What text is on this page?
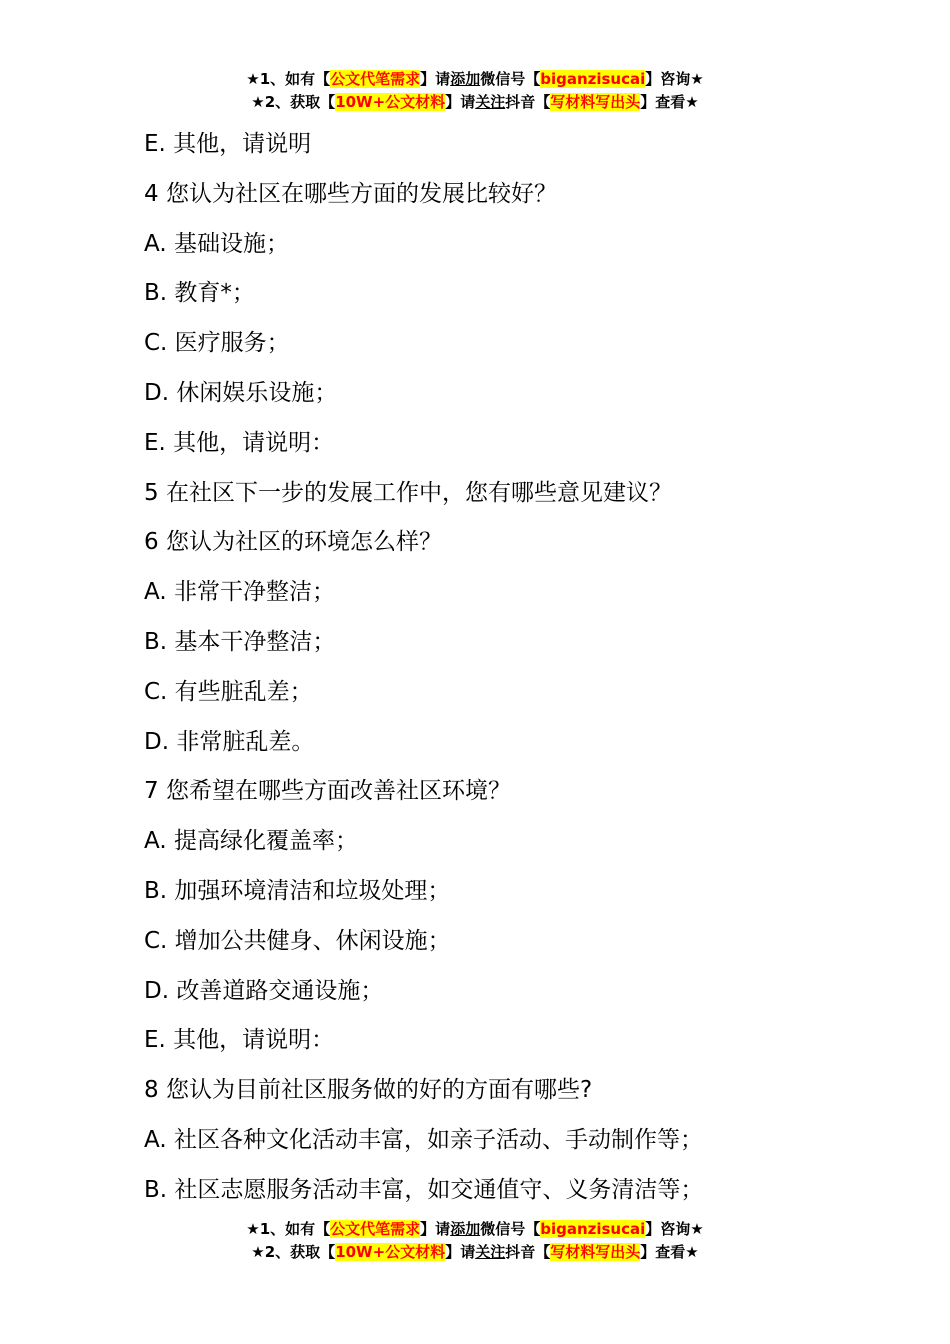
★1、如有【公文代笔需求】请添加微信号【biganzisucai】咨询★
★2、获取【10W+公文材料】请关注抖音【写材料写出头】查看★

E. 其他，请说明

4 您认为社区在哪些方面的发展比较好？

A. 基础设施；

B. 教育*；

C. 医疗服务；

D. 休闲娱乐设施；

E. 其他，请说明：

5 在社区下一步的发展工作中，您有哪些意见建议？

6 您认为社区的环境怎么样？

A. 非常干净整洁；

B. 基本干净整洁；

C. 有些脏乱差；

D. 非常脏乱差。

7 您希望在哪些方面改善社区环境？

A. 提高绿化覆盖率；

B. 加强环境清洁和垃圾处理；

C. 增加公共健身、休闲设施；

D. 改善道路交通设施；

E. 其他，请说明：

8 您认为目前社区服务做的好的方面有哪些?

A. 社区各种文化活动丰富，如亲子活动、手动制作等；

B. 社区志愿服务活动丰富，如交通值守、义务清洁等；

★1、如有【公文代笔需求】请添加微信号【biganzisucai】咨询★
★2、获取【10W+公文材料】请关注抖音【写材料写出头】查看★
